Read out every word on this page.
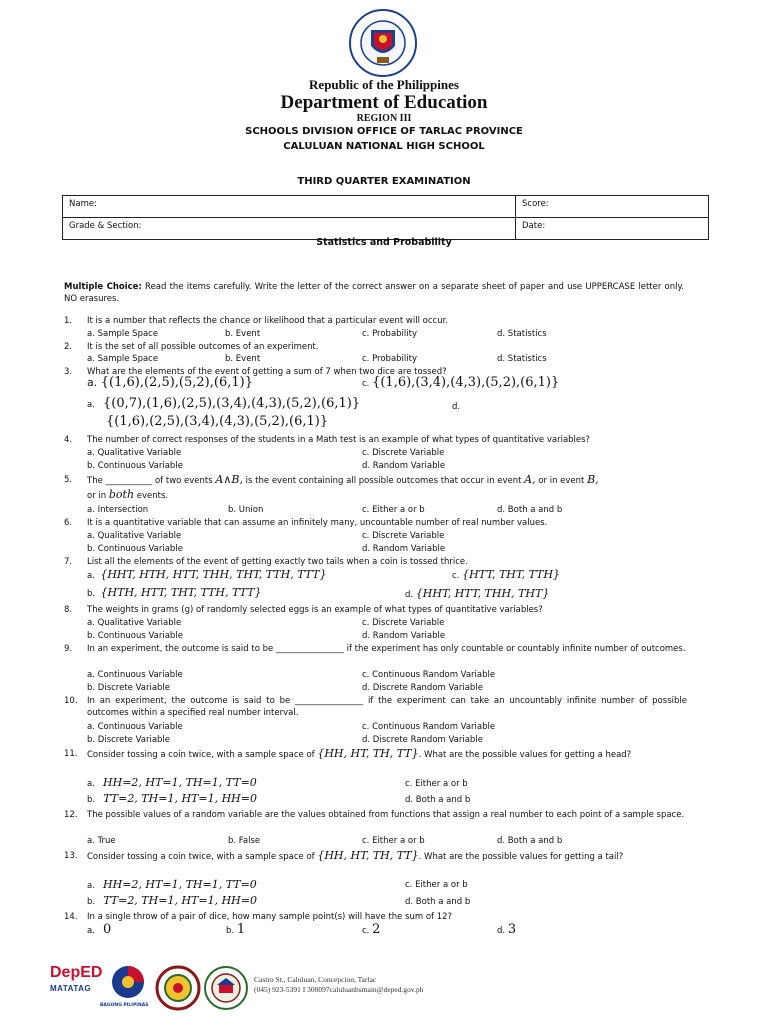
Republic of the Philippines
Department of Education
REGION III
SCHOOLS DIVISION OFFICE OF TARLAC PROVINCE
CALULUAN NATIONAL HIGH SCHOOL
THIRD QUARTER EXAMINATION
Name:	Score:
Grade & Section:	Date:
Statistics and Probability
Multiple Choice: Read the items carefully. Write the letter of the correct answer on a separate sheet of paper and use UPPERCASE letter only. NO erasures.
1. It is a number that reflects the chance or likelihood that a particular event will occur.
a. Sample Space	b. Event	c. Probability	d. Statistics
2. It is the set of all possible outcomes of an experiment.
a. Sample Space	b. Event	c. Probability	d. Statistics
3. What are the elements of the event of getting a sum of 7 when two dice are tossed?
a. {(1,6),(2,5),(5,2),(6,1)}	c. {(1,6),(3,4),(4,3),(5,2),(6,1)}
a. {(0,7),(1,6),(2,5),(3,4),(4,3),(5,2),(6,1)}	d.
{(1,6),(2,5),(3,4),(4,3),(5,2),(6,1)}
4. The number of correct responses of the students in a Math test is an example of what types of quantitative variables?
a. Qualitative Variable	c. Discrete Variable
b. Continuous Variable	d. Random Variable
5. The ___________ of two events A∧B, is the event containing all possible outcomes that occur in event A, or in event B,
or in both events.
a. Intersection	b. Union	c. Either a or b	d. Both a and b
6. It is a quantitative variable that can assume an infinitely many, uncountable number of real number values.
a. Qualitative Variable	c. Discrete Variable
b. Continuous Variable	d. Random Variable
7. List all the elements of the event of getting exactly two tails when a coin is tossed thrice.
a. {HHT, HTH, HTT, THH, THT, TTH, TTT}	c. {HTT, THT, TTH}
b. {HTH, HTT, THT, TTH, TTT}	d. {HHT, HTT, THH, THT}
8. The weights in grams (g) of randomly selected eggs is an example of what types of quantitative variables?
a. Qualitative Variable	c. Discrete Variable
b. Continuous Variable	d. Random Variable
9. In an experiment, the outcome is said to be ________________ if the experiment has only countable or countably infinite number of outcomes.
a. Continuous Variable	c. Continuous Random Variable
b. Discrete Variable	d. Discrete Random Variable
10. In an experiment, the outcome is said to be ________________ if the experiment can take an uncountably infinite number of possible outcomes within a specified real number interval.
a. Continuous Variable	c. Continuous Random Variable
b. Discrete Variable	d. Discrete Random Variable
11. Consider tossing a coin twice, with a sample space of {HH, HT, TH, TT}. What are the possible values for getting a head?
a. HH=2, HT=1, TH=1, TT=0	c. Either a or b
b. TT=2, TH=1, HT=1, HH=0	d. Both a and b
12. The possible values of a random variable are the values obtained from functions that assign a real number to each point of a sample space.
a. True	b. False	c. Either a or b	d. Both a and b
13. Consider tossing a coin twice, with a sample space of {HH, HT, TH, TT}. What are the possible values for getting a tail?
a. HH=2, HT=1, TH=1, TT=0	c. Either a or b
b. TT=2, TH=1, HT=1, HH=0	d. Both a and b
14. In a single throw of a pair of dice, how many sample point(s) will have the sum of 12?
a. 0	b. 1	c. 2	d. 3
DepED
MATATAG
BAGONG PILIPINAS
Castro St., Caluluan, Concepcion, Tarlac
(045) 923-5391 I 300097caluluanhsmain@deped.gov.ph
